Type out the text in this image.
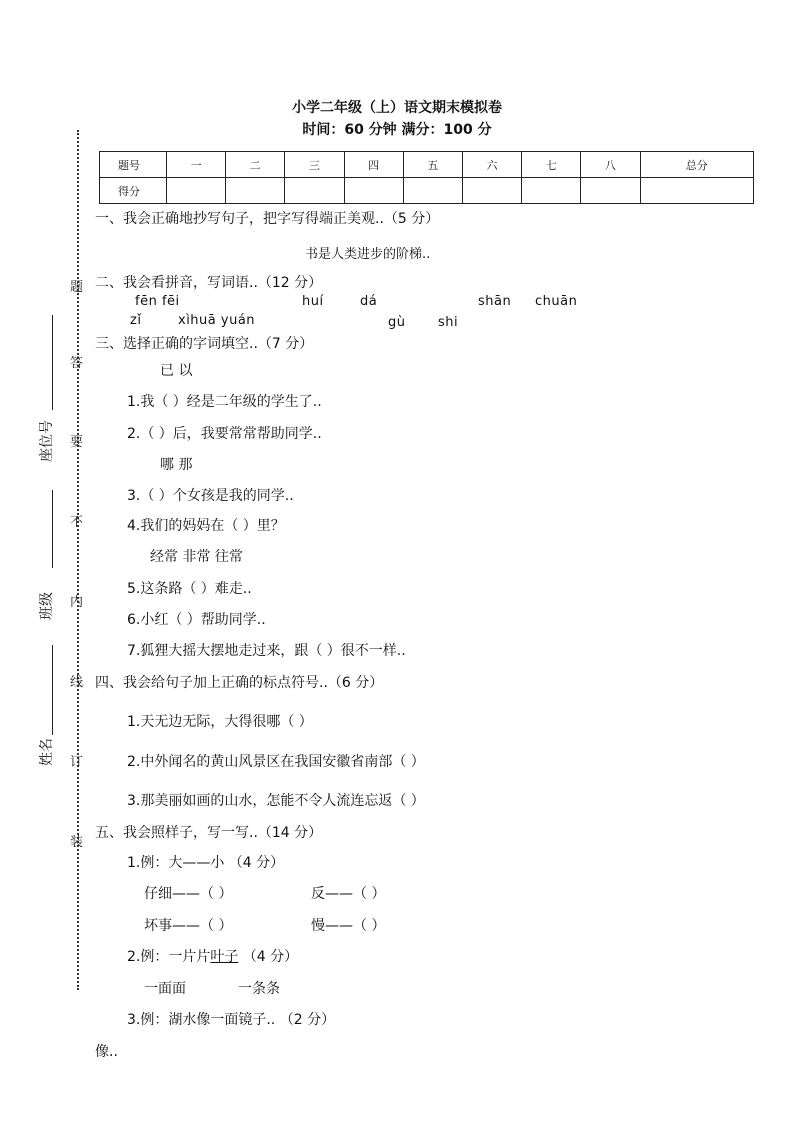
小学二年级（上）语文期末模拟卷
时间：60 分钟 满分：100 分
题号	一	二	三	四	五	六	七	八	总分
得分									
题
答
要
不
内
线
订
装
座位号
班级
姓名
一、我会正确地抄写句子，把字写得端正美观..（5 分）
书是人类进步的阶梯..
二、我会看拼音，写词语..（12 分）
fēn fēi	huí	dá	shān chuān
zǐ	xìhuā yuán	gù	shi
三、选择正确的字词填空..（7 分）
已 以
1.我（ ）经是二年级的学生了..
2.（ ）后，我要常常帮助同学..
哪 那
3.（ ）个女孩是我的同学..
4.我们的妈妈在（ ）里？
经常 非常 往常
5.这条路（ ）难走..
6.小红（ ）帮助同学..
7.狐狸大摇大摆地走过来，跟（ ）很不一样..
四、我会给句子加上正确的标点符号..（6 分）
1.天无边无际，大得很哪（ ）
2.中外闻名的黄山风景区在我国安徽省南部（ ）
3.那美丽如画的山水，怎能不令人流连忘返（ ）
五、我会照样子，写一写..（14 分）
1.例：大——小 （4 分）
仔细——（ ）	反——（ ）
坏事——（ ）	慢——（ ）
2.例：一片片叶子 （4 分）
一面面	一条条
3.例：湖水像一面镜子.. （2 分）
像..
